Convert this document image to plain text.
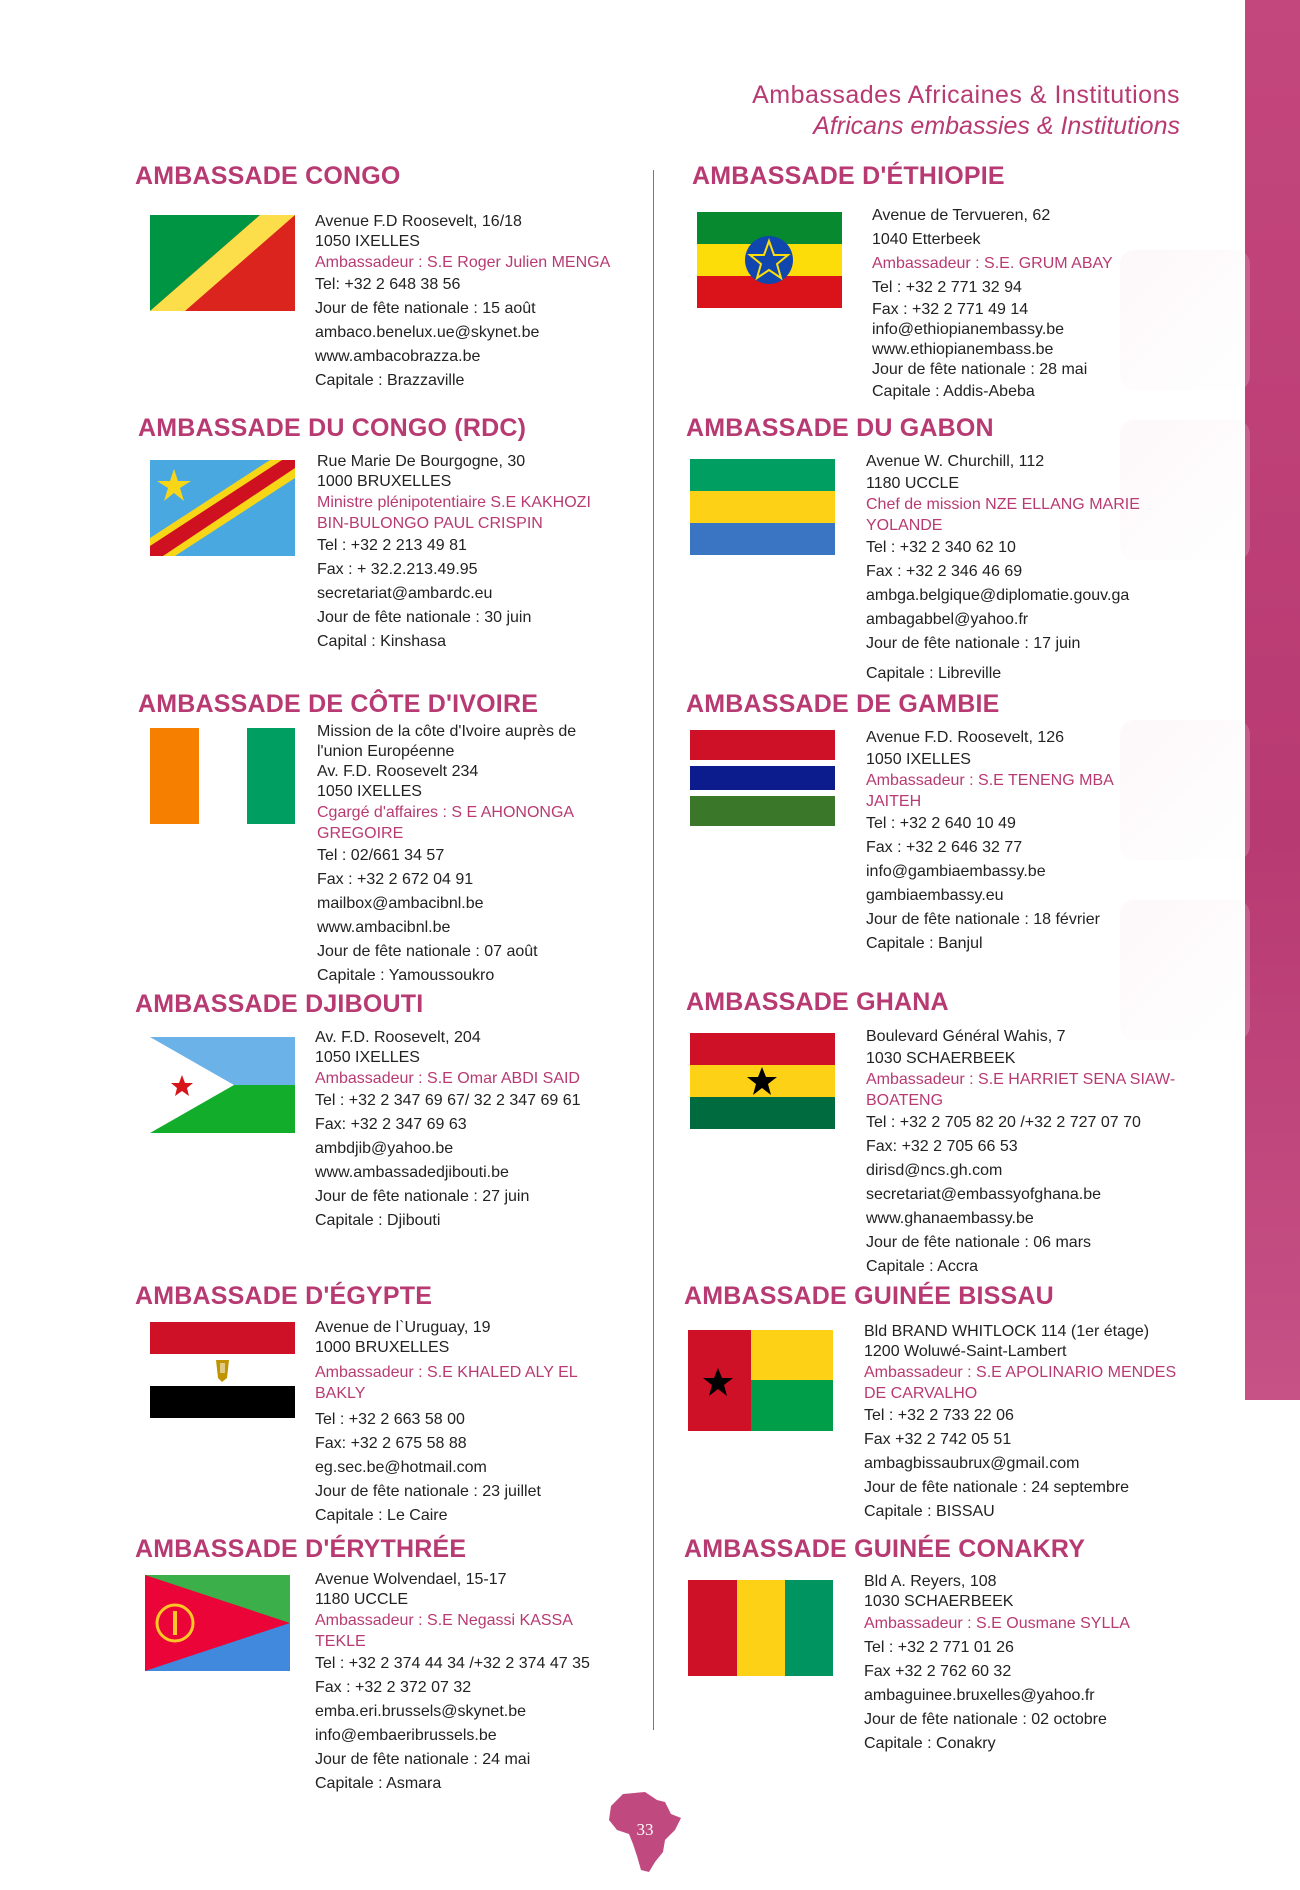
Ambassades Africaines & Institutions
Africans embassies & Institutions
AMBASSADE CONGO
Avenue F.D Roosevelt, 16/18
1050 IXELLES
Ambassadeur : S.E Roger Julien MENGA
Tel: +32 2 648 38 56
Jour de fête nationale : 15 août
ambaco.benelux.ue@skynet.be
www.ambacobrazza.be
Capitale : Brazzaville
AMBASSADE DU CONGO (RDC)
Rue Marie De Bourgogne, 30
1000 BRUXELLES
Ministre plénipotentiaire S.E KAKHOZI BIN-BULONGO PAUL CRISPIN
Tel : +32 2 213 49 81
Fax : + 32.2.213.49.95
secretariat@ambardc.eu
Jour de fête nationale : 30 juin
Capital : Kinshasa
AMBASSADE DE CÔTE D'IVOIRE
Mission de la côte d'Ivoire auprès de
l'union Européenne
Av. F.D. Roosevelt 234
1050 IXELLES
Cgargé d'affaires : S E AHONONGA GREGOIRE
Tel : 02/661 34 57
Fax : +32 2 672 04 91
mailbox@ambacibnl.be
www.ambacibnl.be
Jour de fête nationale : 07 août
Capitale : Yamoussoukro
AMBASSADE DJIBOUTI
Av. F.D. Roosevelt, 204
1050 IXELLES
Ambassadeur : S.E Omar ABDI SAID
Tel : +32 2 347 69 67/ 32 2 347 69 61
Fax: +32 2 347 69 63
ambdjib@yahoo.be
www.ambassadedjibouti.be
Jour de fête nationale : 27 juin
Capitale : Djibouti
AMBASSADE D'ÉGYPTE
Avenue de l`Uruguay, 19
1000 BRUXELLES
Ambassadeur : S.E KHALED ALY EL BAKLY
Tel : +32 2 663 58 00
Fax: +32 2 675 58 88
eg.sec.be@hotmail.com
Jour de fête nationale : 23 juillet
Capitale : Le Caire
AMBASSADE D'ÉRYTHRÉE
Avenue Wolvendael, 15-17
1180 UCCLE
Ambassadeur : S.E Negassi KASSA TEKLE
Tel : +32 2 374 44 34 /+32 2 374 47 35
Fax : +32 2 372 07 32
emba.eri.brussels@skynet.be
info@embaeribrussels.be
Jour de fête nationale : 24 mai
Capitale : Asmara
AMBASSADE D'ÉTHIOPIE
Avenue de Tervueren, 62
1040 Etterbeek
Ambassadeur : S.E. GRUM ABAY
Tel : +32 2 771 32 94
Fax : +32 2 771 49 14
info@ethiopianembassy.be
www.ethiopianembass.be
Jour de fête nationale : 28 mai
Capitale : Addis-Abeba
AMBASSADE DU GABON
Avenue W. Churchill, 112
1180 UCCLE
Chef de mission NZE ELLANG MARIE YOLANDE
Tel : +32 2 340 62 10
Fax : +32 2 346 46 69
ambga.belgique@diplomatie.gouv.ga
ambagabbel@yahoo.fr
Jour de fête nationale : 17 juin
Capitale : Libreville
AMBASSADE DE GAMBIE
Avenue F.D. Roosevelt, 126
1050 IXELLES
Ambassadeur : S.E TENENG MBA JAITEH
Tel : +32 2 640 10 49
Fax : +32 2 646 32 77
info@gambiaembassy.be
gambiaembassy.eu
Jour de fête nationale : 18 février
Capitale : Banjul
AMBASSADE GHANA
Boulevard Général Wahis, 7
1030 SCHAERBEEK
Ambassadeur : S.E HARRIET SENA SIAW-BOATENG
Tel : +32 2 705 82 20 /+32 2 727 07 70
Fax: +32 2 705 66 53
dirisd@ncs.gh.com
secretariat@embassyofghana.be
www.ghanaembassy.be
Jour de fête nationale : 06 mars
Capitale : Accra
AMBASSADE GUINÉE BISSAU
Bld BRAND WHITLOCK 114 (1er étage)
1200 Woluwé-Saint-Lambert
Ambassadeur : S.E APOLINARIO MENDES DE CARVALHO
Tel : +32 2 733 22 06
Fax +32 2 742 05 51
ambagbissaubrux@gmail.com
Jour de fête nationale : 24 septembre
Capitale : BISSAU
AMBASSADE GUINÉE CONAKRY
Bld A. Reyers, 108
1030 SCHAERBEEK
Ambassadeur : S.E Ousmane SYLLA
Tel : +32 2 771 01 26
Fax +32 2 762 60 32
ambaguinee.bruxelles@yahoo.fr
Jour de fête nationale : 02 octobre
Capitale : Conakry
33
